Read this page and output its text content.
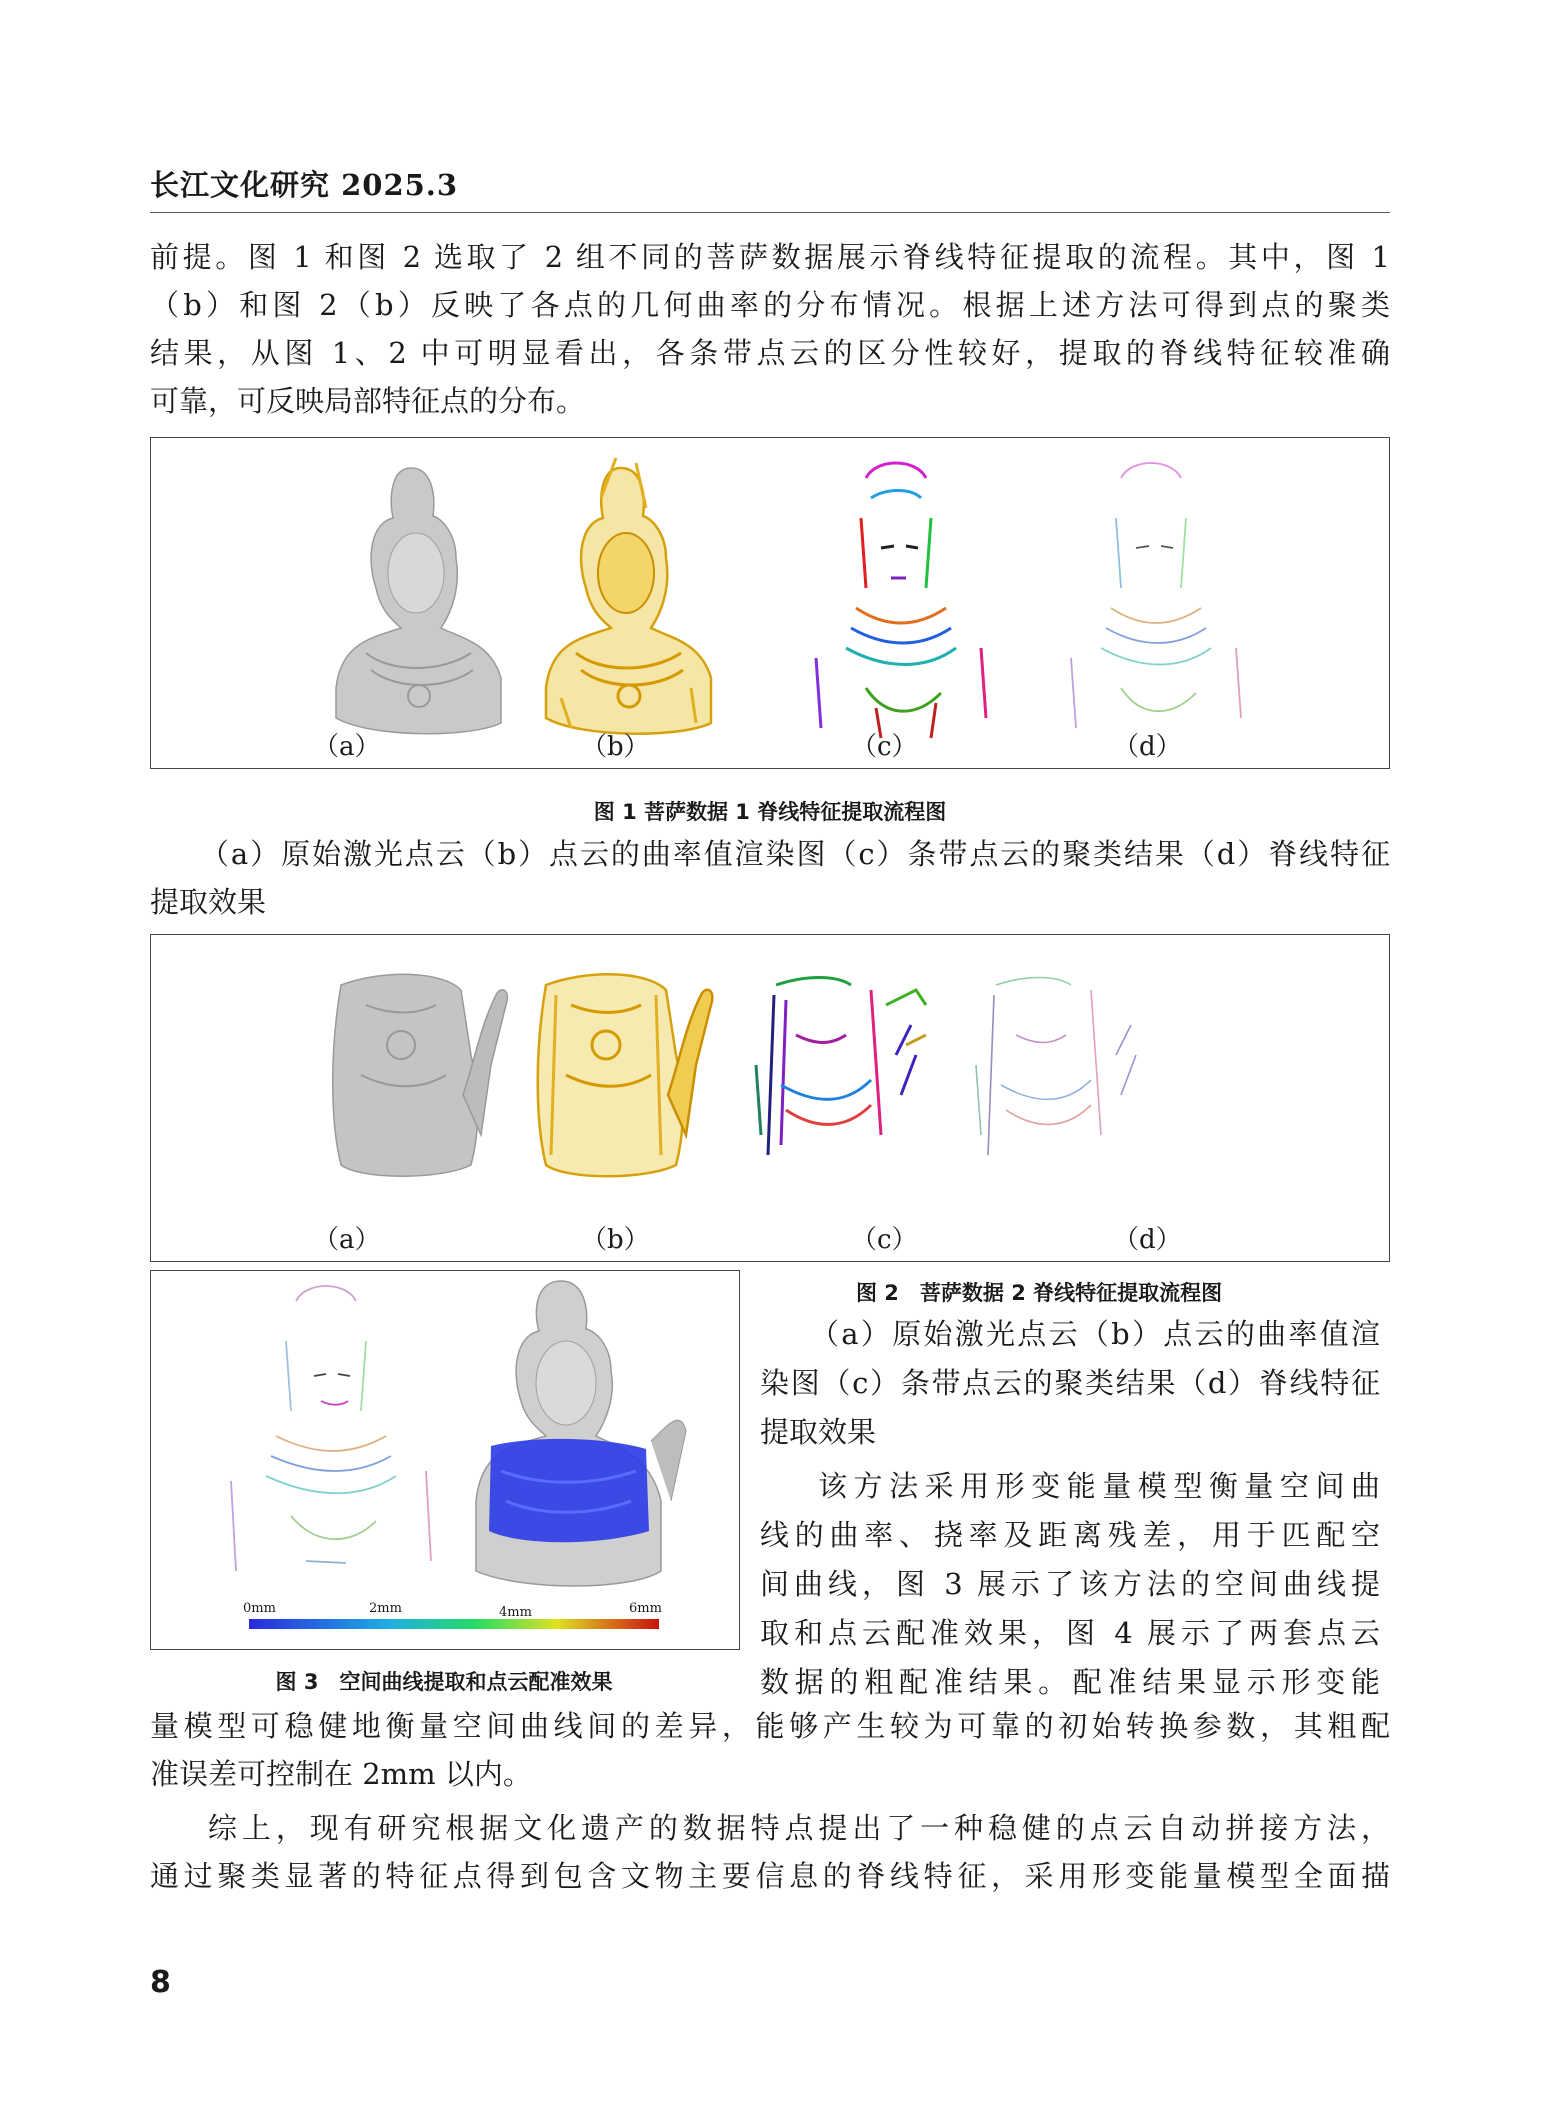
长江文化研究 2025.3
前提。图 1 和图 2 选取了 2 组不同的菩萨数据展示脊线特征提取的流程。其中，图 1
（b）和图 2（b）反映了各点的几何曲率的分布情况。根据上述方法可得到点的聚类
结果，从图 1、2 中可明显看出，各条带点云的区分性较好，提取的脊线特征较准确
可靠，可反映局部特征点的分布。
（a）	（b）	（c）	（d）
图 1 菩萨数据 1 脊线特征提取流程图
（a）原始激光点云（b）点云的曲率值渲染图（c）条带点云的聚类结果（d）脊线特征
提取效果
（a）	（b）	（c）	（d）
0mm	2mm	4mm	6mm
图 3　空间曲线提取和点云配准效果
图 2　菩萨数据 2 脊线特征提取流程图
（a）原始激光点云（b）点云的曲率值渲
染图（c）条带点云的聚类结果（d）脊线特征
提取效果
该方法采用形变能量模型衡量空间曲
线的曲率、挠率及距离残差，用于匹配空
间曲线，图 3 展示了该方法的空间曲线提
取和点云配准效果，图 4 展示了两套点云
数据的粗配准结果。配准结果显示形变能
量模型可稳健地衡量空间曲线间的差异，能够产生较为可靠的初始转换参数，其粗配
准误差可控制在 2mm 以内。
综上，现有研究根据文化遗产的数据特点提出了一种稳健的点云自动拼接方法，
通过聚类显著的特征点得到包含文物主要信息的脊线特征，采用形变能量模型全面描
8
